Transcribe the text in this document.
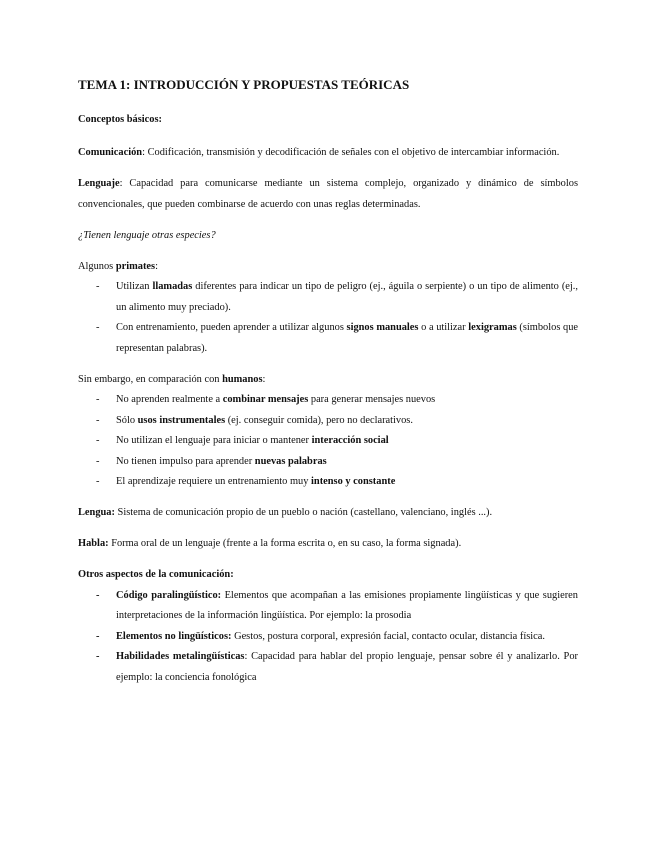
TEMA 1: INTRODUCCIÓN Y PROPUESTAS TEÓRICAS

Conceptos básicos:

Comunicación: Codificación, transmisión y decodificación de señales con el objetivo de intercambiar información.

Lenguaje: Capacidad para comunicarse mediante un sistema complejo, organizado y dinámico de símbolos convencionales, que pueden combinarse de acuerdo con unas reglas determinadas.

¿Tienen lenguaje otras especies?

Algunos primates:

- Utilizan llamadas diferentes para indicar un tipo de peligro (ej., águila o serpiente) o un tipo de alimento (ej., un alimento muy preciado).
- Con entrenamiento, pueden aprender a utilizar algunos signos manuales o a utilizar lexigramas (símbolos que representan palabras).

Sin embargo, en comparación con humanos:

- No aprenden realmente a combinar mensajes para generar mensajes nuevos
- Sólo usos instrumentales (ej. conseguir comida), pero no declarativos.
- No utilizan el lenguaje para iniciar o mantener interacción social
- No tienen impulso para aprender nuevas palabras
- El aprendizaje requiere un entrenamiento muy intenso y constante

Lengua: Sistema de comunicación propio de un pueblo o nación (castellano, valenciano, inglés ...).

Habla: Forma oral de un lenguaje (frente a la forma escrita o, en su caso, la forma signada).

Otros aspectos de la comunicación:

- Código paralingüístico: Elementos que acompañan a las emisiones propiamente lingüísticas y que sugieren interpretaciones de la información lingüística. Por ejemplo: la prosodia
- Elementos no lingüísticos: Gestos, postura corporal, expresión facial, contacto ocular, distancia física.
- Habilidades metalingüísticas: Capacidad para hablar del propio lenguaje, pensar sobre él y analizarlo. Por ejemplo: la conciencia fonológica
